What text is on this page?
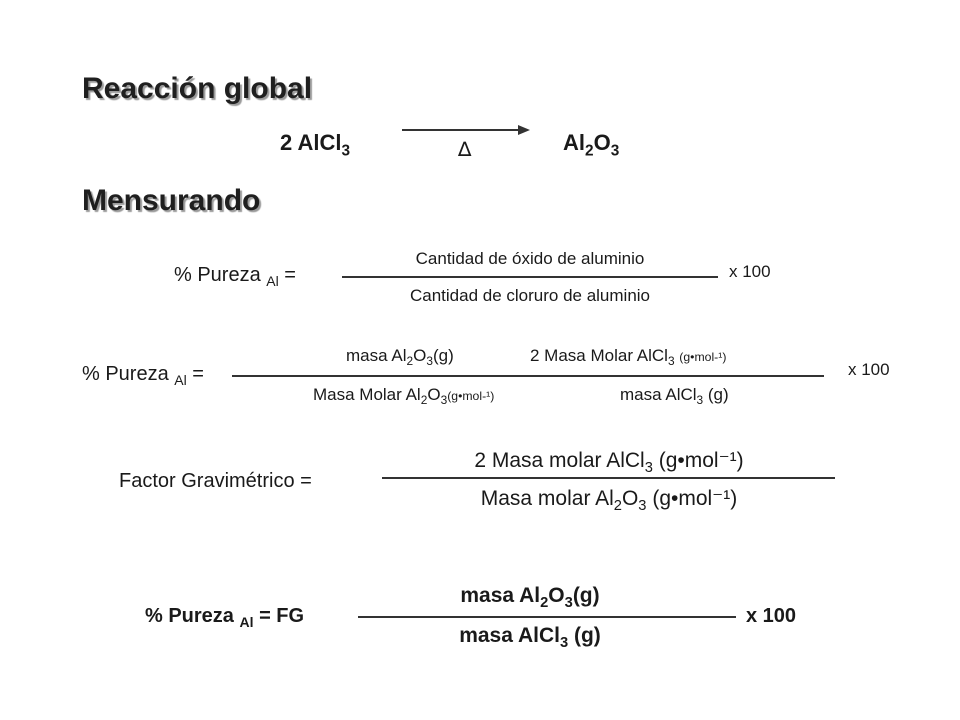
Reacción global
2 AlCl$_3$	∆	$Al_2O_3$
Mensurando
% Pureza $_{Al}$ =
Cantidad de óxido de aluminio
Cantidad de cloruro de aluminio
x 100
% Pureza $_{Al}$ =
masa $Al_2O_3(g)$	2 Masa Molar AlCl$_3$ (g•mol-¹)
Masa Molar $Al_2O_3(g•mol-^1)$	masa AlCl$_3$ (g)
x 100
Factor Gravimétrico =
2 Masa molar AlCl$_3$ (g•mol⁻¹)
Masa molar $Al_2O_3$ (g•mol⁻¹)
% Pureza $_{Al}$ = FG
masa $Al_2O_3(g)$
masa AlCl$_3$ (g)
x 100
